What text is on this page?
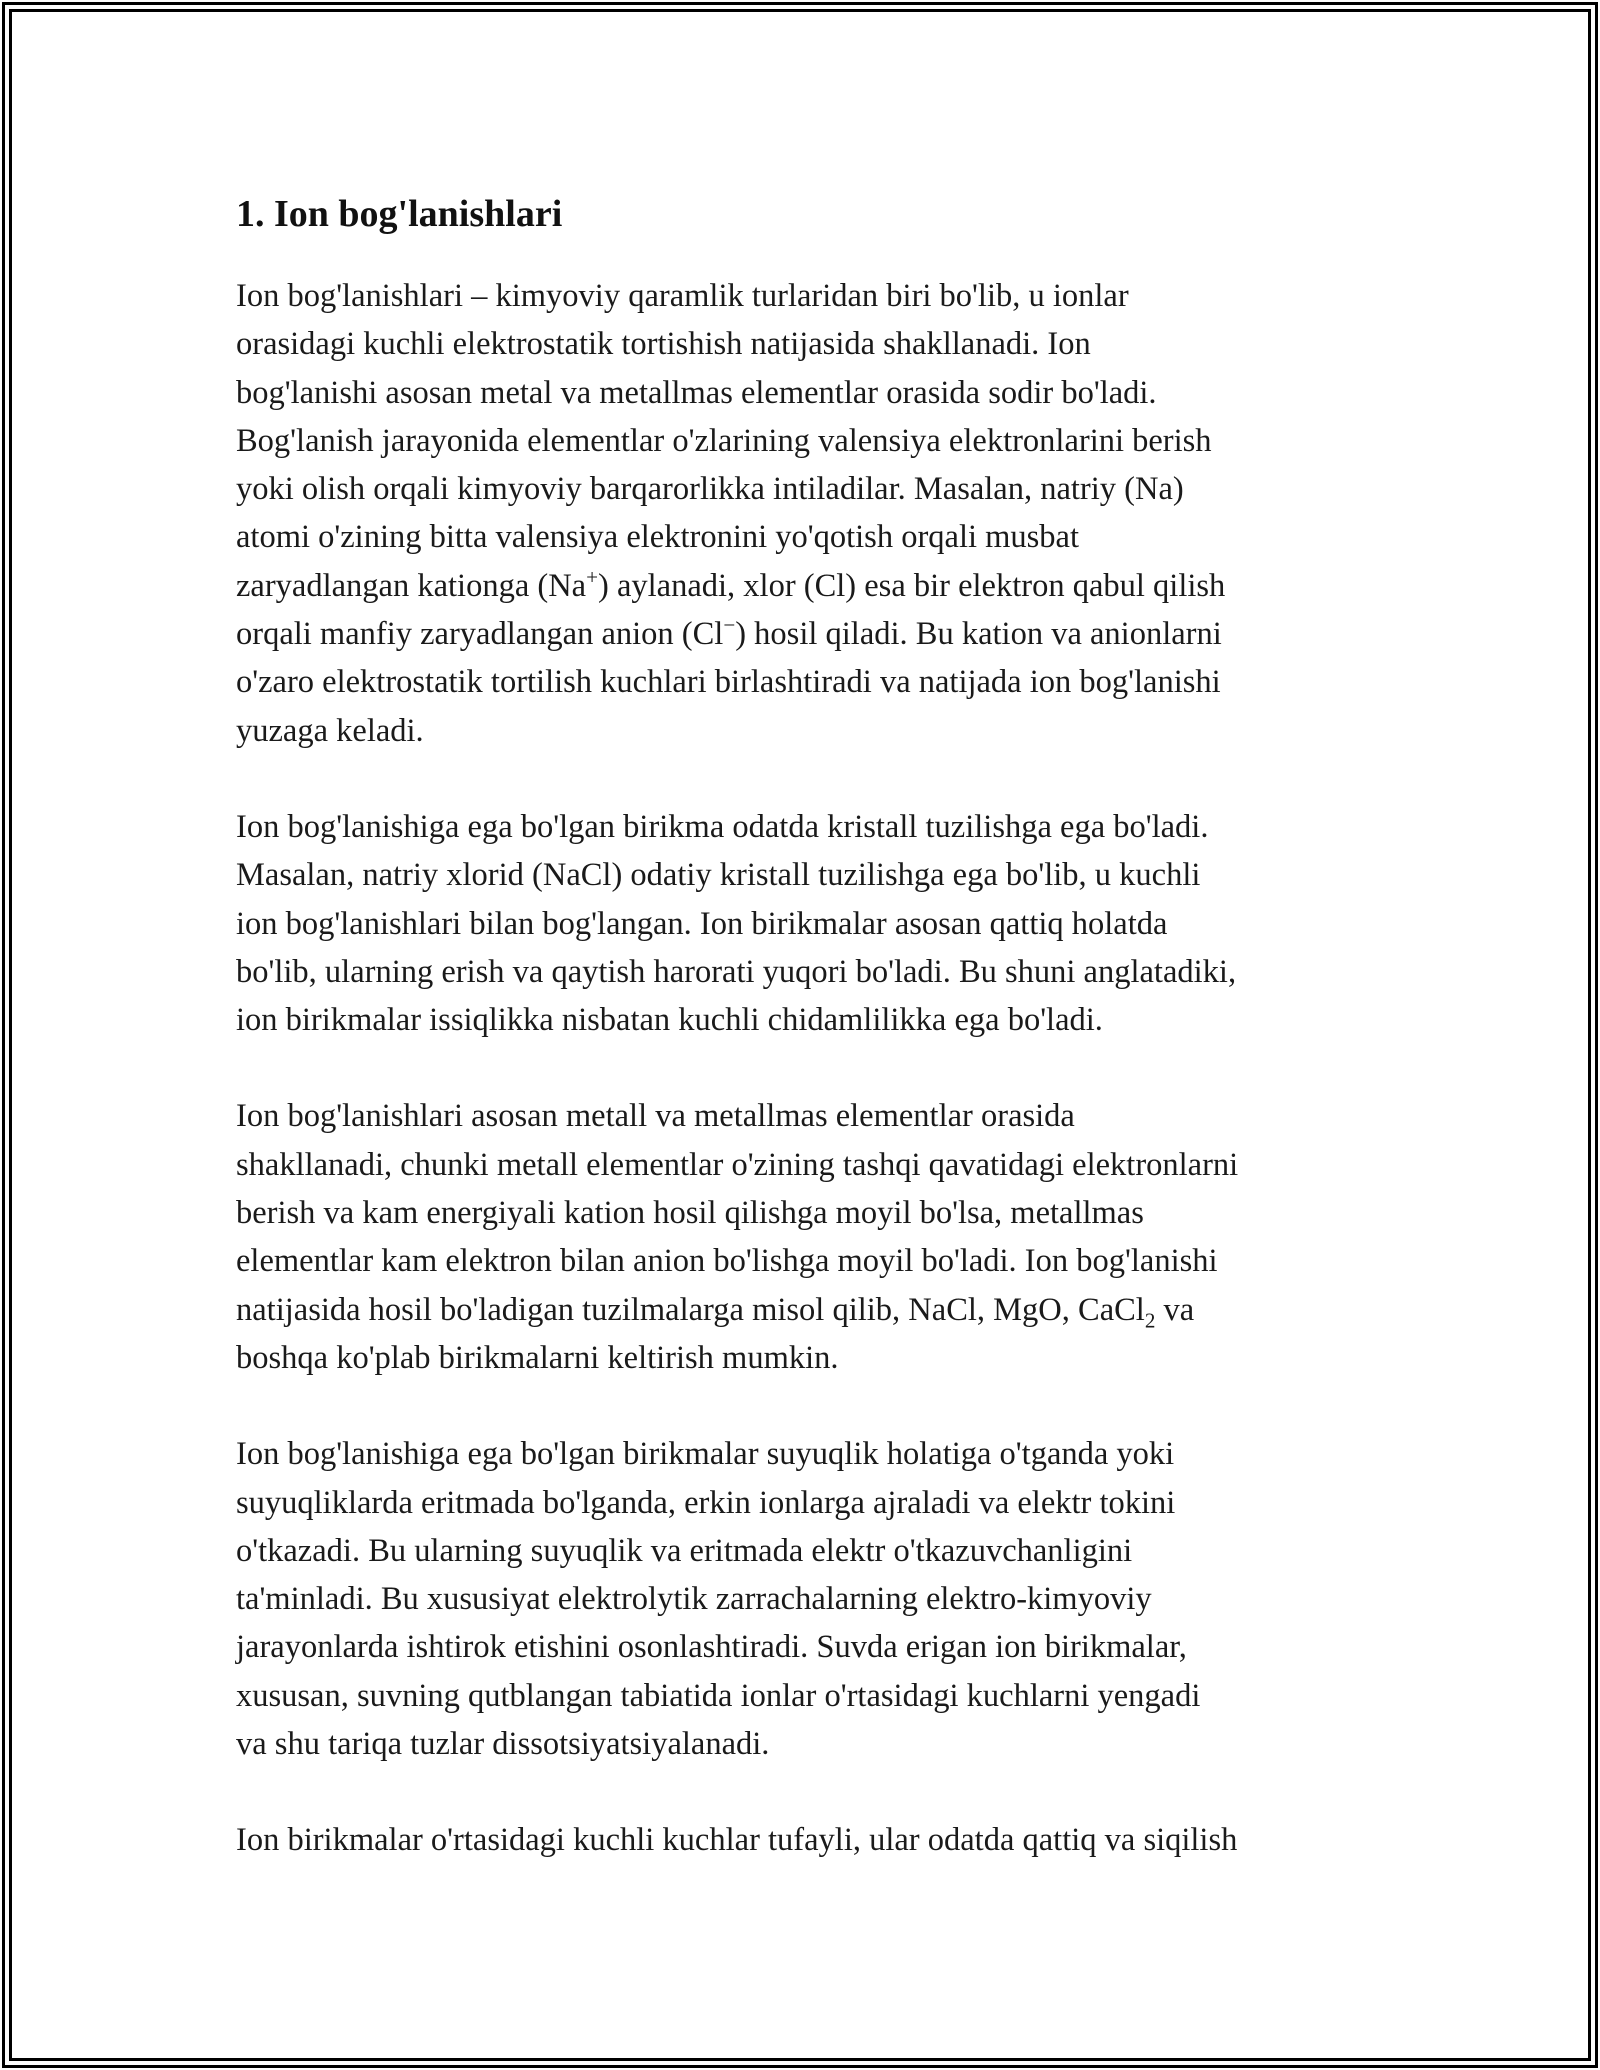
1. Ion bog'lanishlari

Ion bog'lanishlari – kimyoviy qaramlik turlaridan biri bo'lib, u ionlar
orasidagi kuchli elektrostatik tortishish natijasida shakllanadi. Ion
bog'lanishi asosan metal va metallmas elementlar orasida sodir bo'ladi.
Bog'lanish jarayonida elementlar o'zlarining valensiya elektronlarini berish
yoki olish orqali kimyoviy barqarorlikka intiladilar. Masalan, natriy (Na)
atomi o'zining bitta valensiya elektronini yo'qotish orqali musbat
zaryadlangan kationga (Na+) aylanadi, xlor (Cl) esa bir elektron qabul qilish
orqali manfiy zaryadlangan anion (Cl−) hosil qiladi. Bu kation va anionlarni
o'zaro elektrostatik tortilish kuchlari birlashtiradi va natijada ion bog'lanishi
yuzaga keladi.

Ion bog'lanishiga ega bo'lgan birikma odatda kristall tuzilishga ega bo'ladi.
Masalan, natriy xlorid (NaCl) odatiy kristall tuzilishga ega bo'lib, u kuchli
ion bog'lanishlari bilan bog'langan. Ion birikmalar asosan qattiq holatda
bo'lib, ularning erish va qaytish harorati yuqori bo'ladi. Bu shuni anglatadiki,
ion birikmalar issiqlikka nisbatan kuchli chidamlilikka ega bo'ladi.

Ion bog'lanishlari asosan metall va metallmas elementlar orasida
shakllanadi, chunki metall elementlar o'zining tashqi qavatidagi elektronlarni
berish va kam energiyali kation hosil qilishga moyil bo'lsa, metallmas
elementlar kam elektron bilan anion bo'lishga moyil bo'ladi. Ion bog'lanishi
natijasida hosil bo'ladigan tuzilmalarga misol qilib, NaCl, MgO, CaCl$_2$ va
boshqa ko'plab birikmalarni keltirish mumkin.

Ion bog'lanishiga ega bo'lgan birikmalar suyuqlik holatiga o'tganda yoki
suyuqliklarda eritmada bo'lganda, erkin ionlarga ajraladi va elektr tokini
o'tkazadi. Bu ularning suyuqlik va eritmada elektr o'tkazuvchanligini
ta'minladi. Bu xususiyat elektrolytik zarrachalarning elektro-kimyoviy
jarayonlarda ishtirok etishini osonlashtiradi. Suvda erigan ion birikmalar,
xususan, suvning qutblangan tabiatida ionlar o'rtasidagi kuchlarni yengadi
va shu tariqa tuzlar dissotsiyatsiyalanadi.

Ion birikmalar o'rtasidagi kuchli kuchlar tufayli, ular odatda qattiq va siqilish
